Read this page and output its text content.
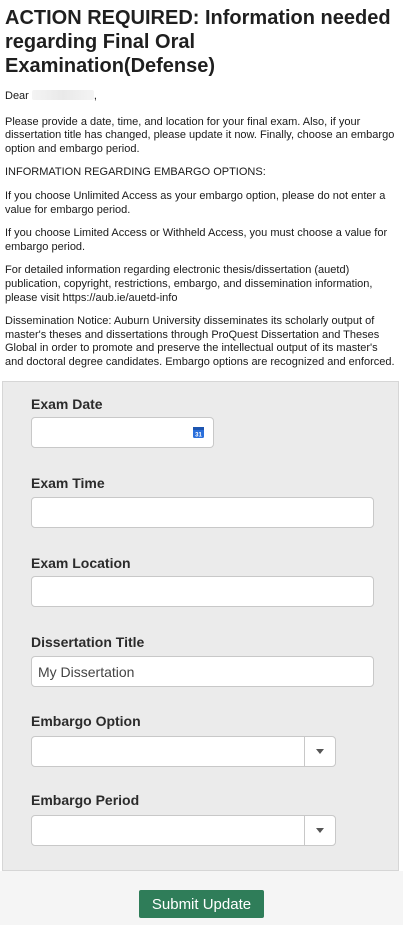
ACTION REQUIRED: Information needed regarding Final Oral Examination(Defense)

Dear	,

Please provide a date, time, and location for your final exam. Also, if your dissertation title has changed, please update it now. Finally, choose an embargo option and embargo period.

INFORMATION REGARDING EMBARGO OPTIONS:

If you choose Unlimited Access as your embargo option, please do not enter a value for embargo period.

If you choose Limited Access or Withheld Access, you must choose a value for embargo period.

For detailed information regarding electronic thesis/dissertation (auetd) publication, copyright, restrictions, embargo, and dissemination information, please visit https://aub.ie/auetd-info

Dissemination Notice: Auburn University disseminates its scholarly output of master's theses and dissertations through ProQuest Dissertation and Theses Global in order to promote and preserve the intellectual output of its master's and doctoral degree candidates. Embargo options are recognized and enforced.

Exam Date
31
Exam Time
Exam Location
Dissertation Title
My Dissertation
Embargo Option
Embargo Period
Submit Update
